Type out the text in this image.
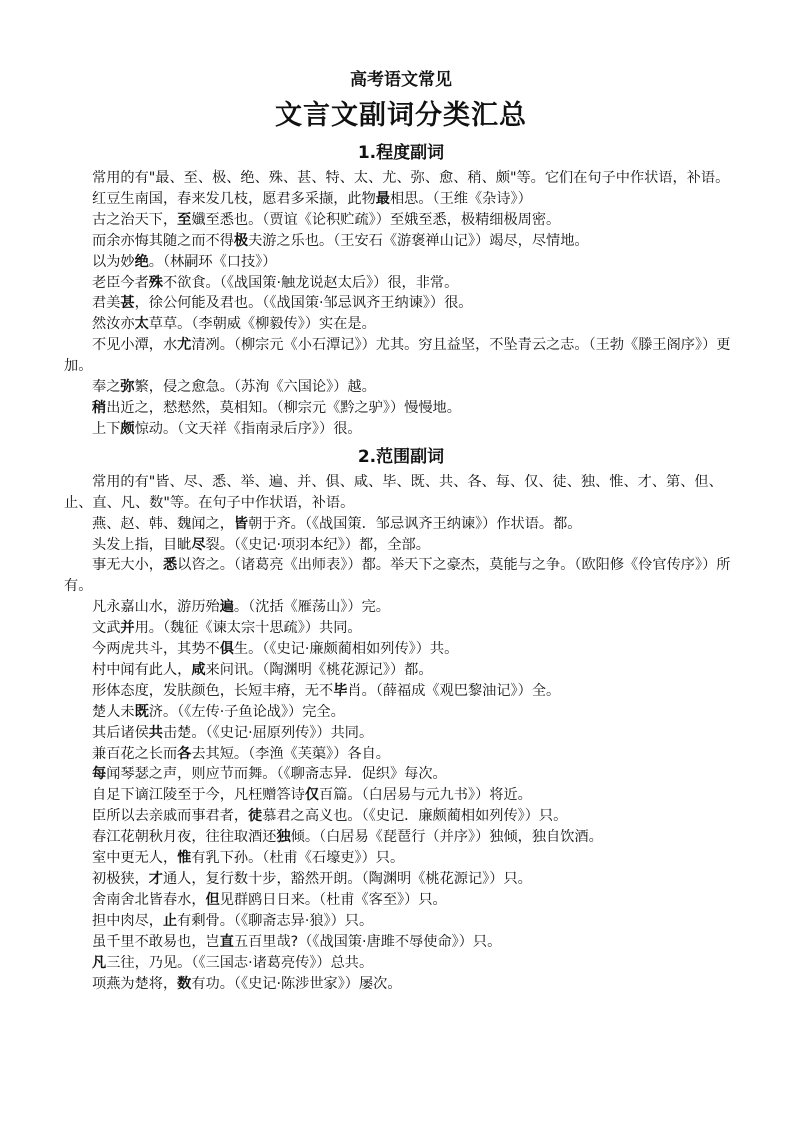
高考语文常见
文言文副词分类汇总
1.程度副词

常用的有"最、至、极、绝、殊、甚、特、太、尤、弥、愈、稍、颇"等。它们在句子中作状语，补语。

红豆生南国，春来发几枝，愿君多采撷，此物最相思。（王维《杂诗》）

古之治天下，至孅至悉也。（贾谊《论积贮疏》）至娥至悉，极精细极周密。

而余亦悔其随之而不得极夫游之乐也。（王安石《游褒禅山记》）竭尽，尽情地。

以为妙绝。（林嗣环《口技》）

老臣今者殊不欲食。（《战国策·触龙说赵太后》）很，非常。

君美甚，徐公何能及君也。（《战国策·邹忌讽齐王纳谏》）很。

然汝亦太草草。（李朝威《柳毅传》）实在是。

不见小潭，水尤清冽。（柳宗元《小石潭记》）尤其。穷且益坚，不坠青云之志。（王勃《滕王阁序》）更加。

奉之弥繁，侵之愈急。（苏洵《六国论》）越。

稍出近之，慭慭然，莫相知。（柳宗元《黔之驴》）慢慢地。

上下颇惊动。（文天祥《指南录后序》）很。

2.范围副词

常用的有"皆、尽、悉、举、遍、并、俱、咸、毕、既、共、各、每、仅、徒、独、惟、才、第、但、止、直、凡、数"等。在句子中作状语，补语。

燕、赵、韩、魏闻之，皆朝于齐。（《战国策．邹忌讽齐王纳谏》）作状语。都。

头发上指，目眦尽裂。（《史记·项羽本纪》）都，全部。

事无大小，悉以咨之。（诸葛亮《出师表》）都。举天下之豪杰，莫能与之争。（欧阳修《伶官传序》）所有。

凡永嘉山水，游历殆遍。（沈括《雁荡山》）完。

文武并用。（魏征《谏太宗十思疏》）共同。

今两虎共斗，其势不俱生。（《史记·廉颇蔺相如列传》）共。

村中闻有此人，咸来问讯。（陶渊明《桃花源记》）都。

形体态度，发肤颜色，长短丰瘠，无不毕肖。（薛福成《观巴黎油记》）全。

楚人未既济。（《左传·子鱼论战》）完全。

其后诸侯共击楚。（《史记·屈原列传》）共同。

兼百花之长而各去其短。（李渔《芙蕖》）各自。

每闻琴瑟之声，则应节而舞。（《聊斋志异．促织》每次。

自足下谪江陵至于今，凡枉赠答诗仅百篇。（白居易与元九书》）将近。

臣所以去亲戚而事君者，徒慕君之高义也。（《史记．廉颇蔺相如列传》）只。

春江花朝秋月夜，往往取酒还独倾。（白居易《琵琶行（并序》）独倾，独自饮酒。

室中更无人，惟有乳下孙。（杜甫《石壕吏》）只。

初极狭，才通人，复行数十步，豁然开朗。（陶渊明《桃花源记》）只。

舍南舍北皆春水，但见群鸥日日来。（杜甫《客至》）只。

担中肉尽，止有剩骨。（《聊斋志异·狼》）只。

虽千里不敢易也，岂直五百里哉?（《战国策·唐雎不辱使命》）只。

凡三往，乃见。（《三国志·诸葛亮传》）总共。

项燕为楚将，数有功。（《史记·陈涉世家》）屡次。
